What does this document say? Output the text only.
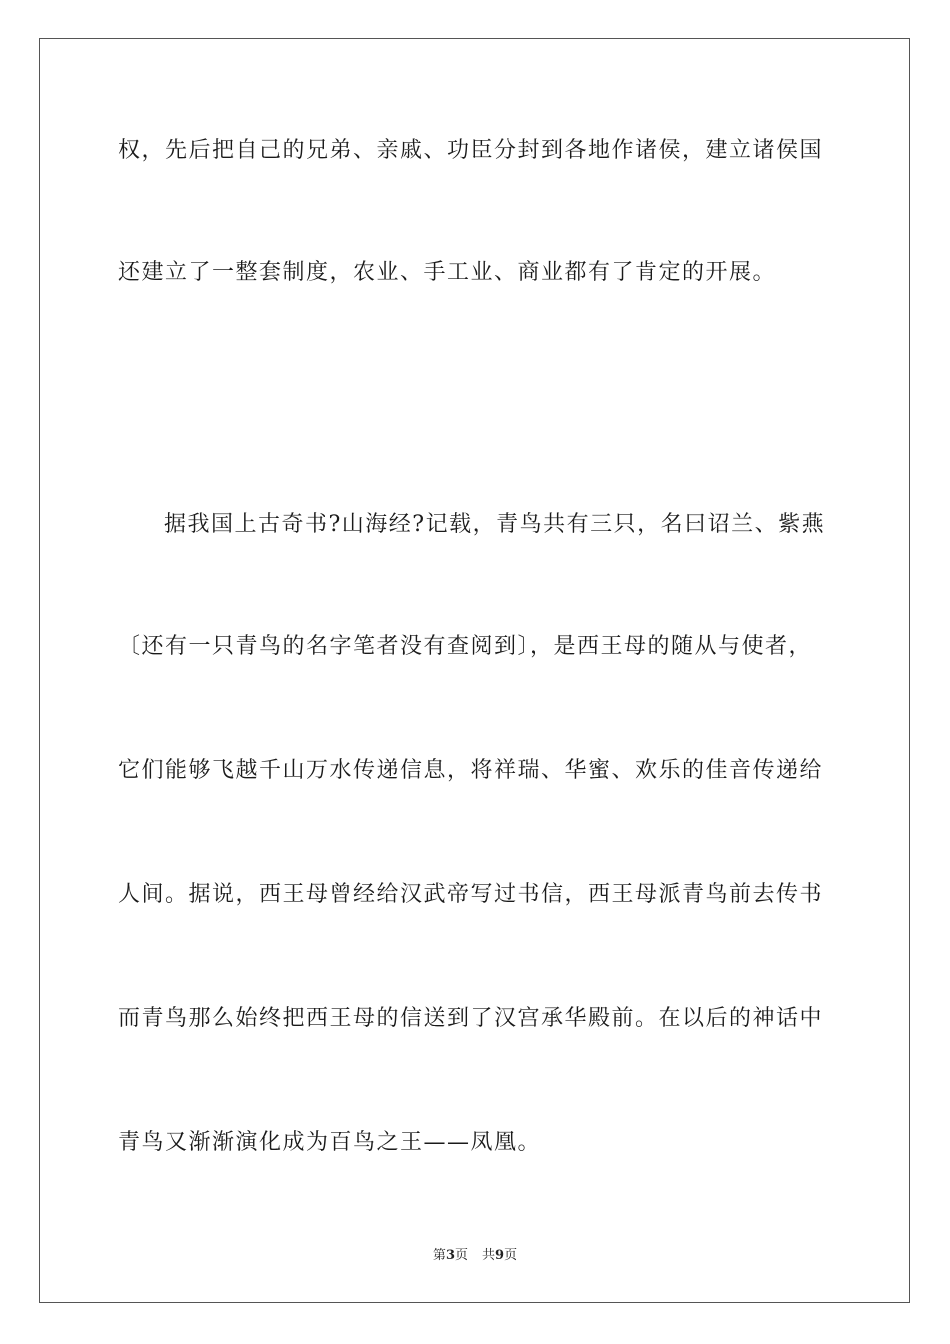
权，先后把自己的兄弟、亲戚、功臣分封到各地作诸侯，建立诸侯国
还建立了一整套制度，农业、手工业、商业都有了肯定的开展。
据我国上古奇书?山海经?记载，青鸟共有三只，名曰诏兰、紫燕
〔还有一只青鸟的名字笔者没有查阅到〕，是西王母的随从与使者，
它们能够飞越千山万水传递信息，将祥瑞、华蜜、欢乐的佳音传递给
人间。据说，西王母曾经给汉武帝写过书信，西王母派青鸟前去传书
而青鸟那么始终把西王母的信送到了汉宫承华殿前。在以后的神话中
青鸟又渐渐演化成为百鸟之王——凤凰。
第3页 共9页
